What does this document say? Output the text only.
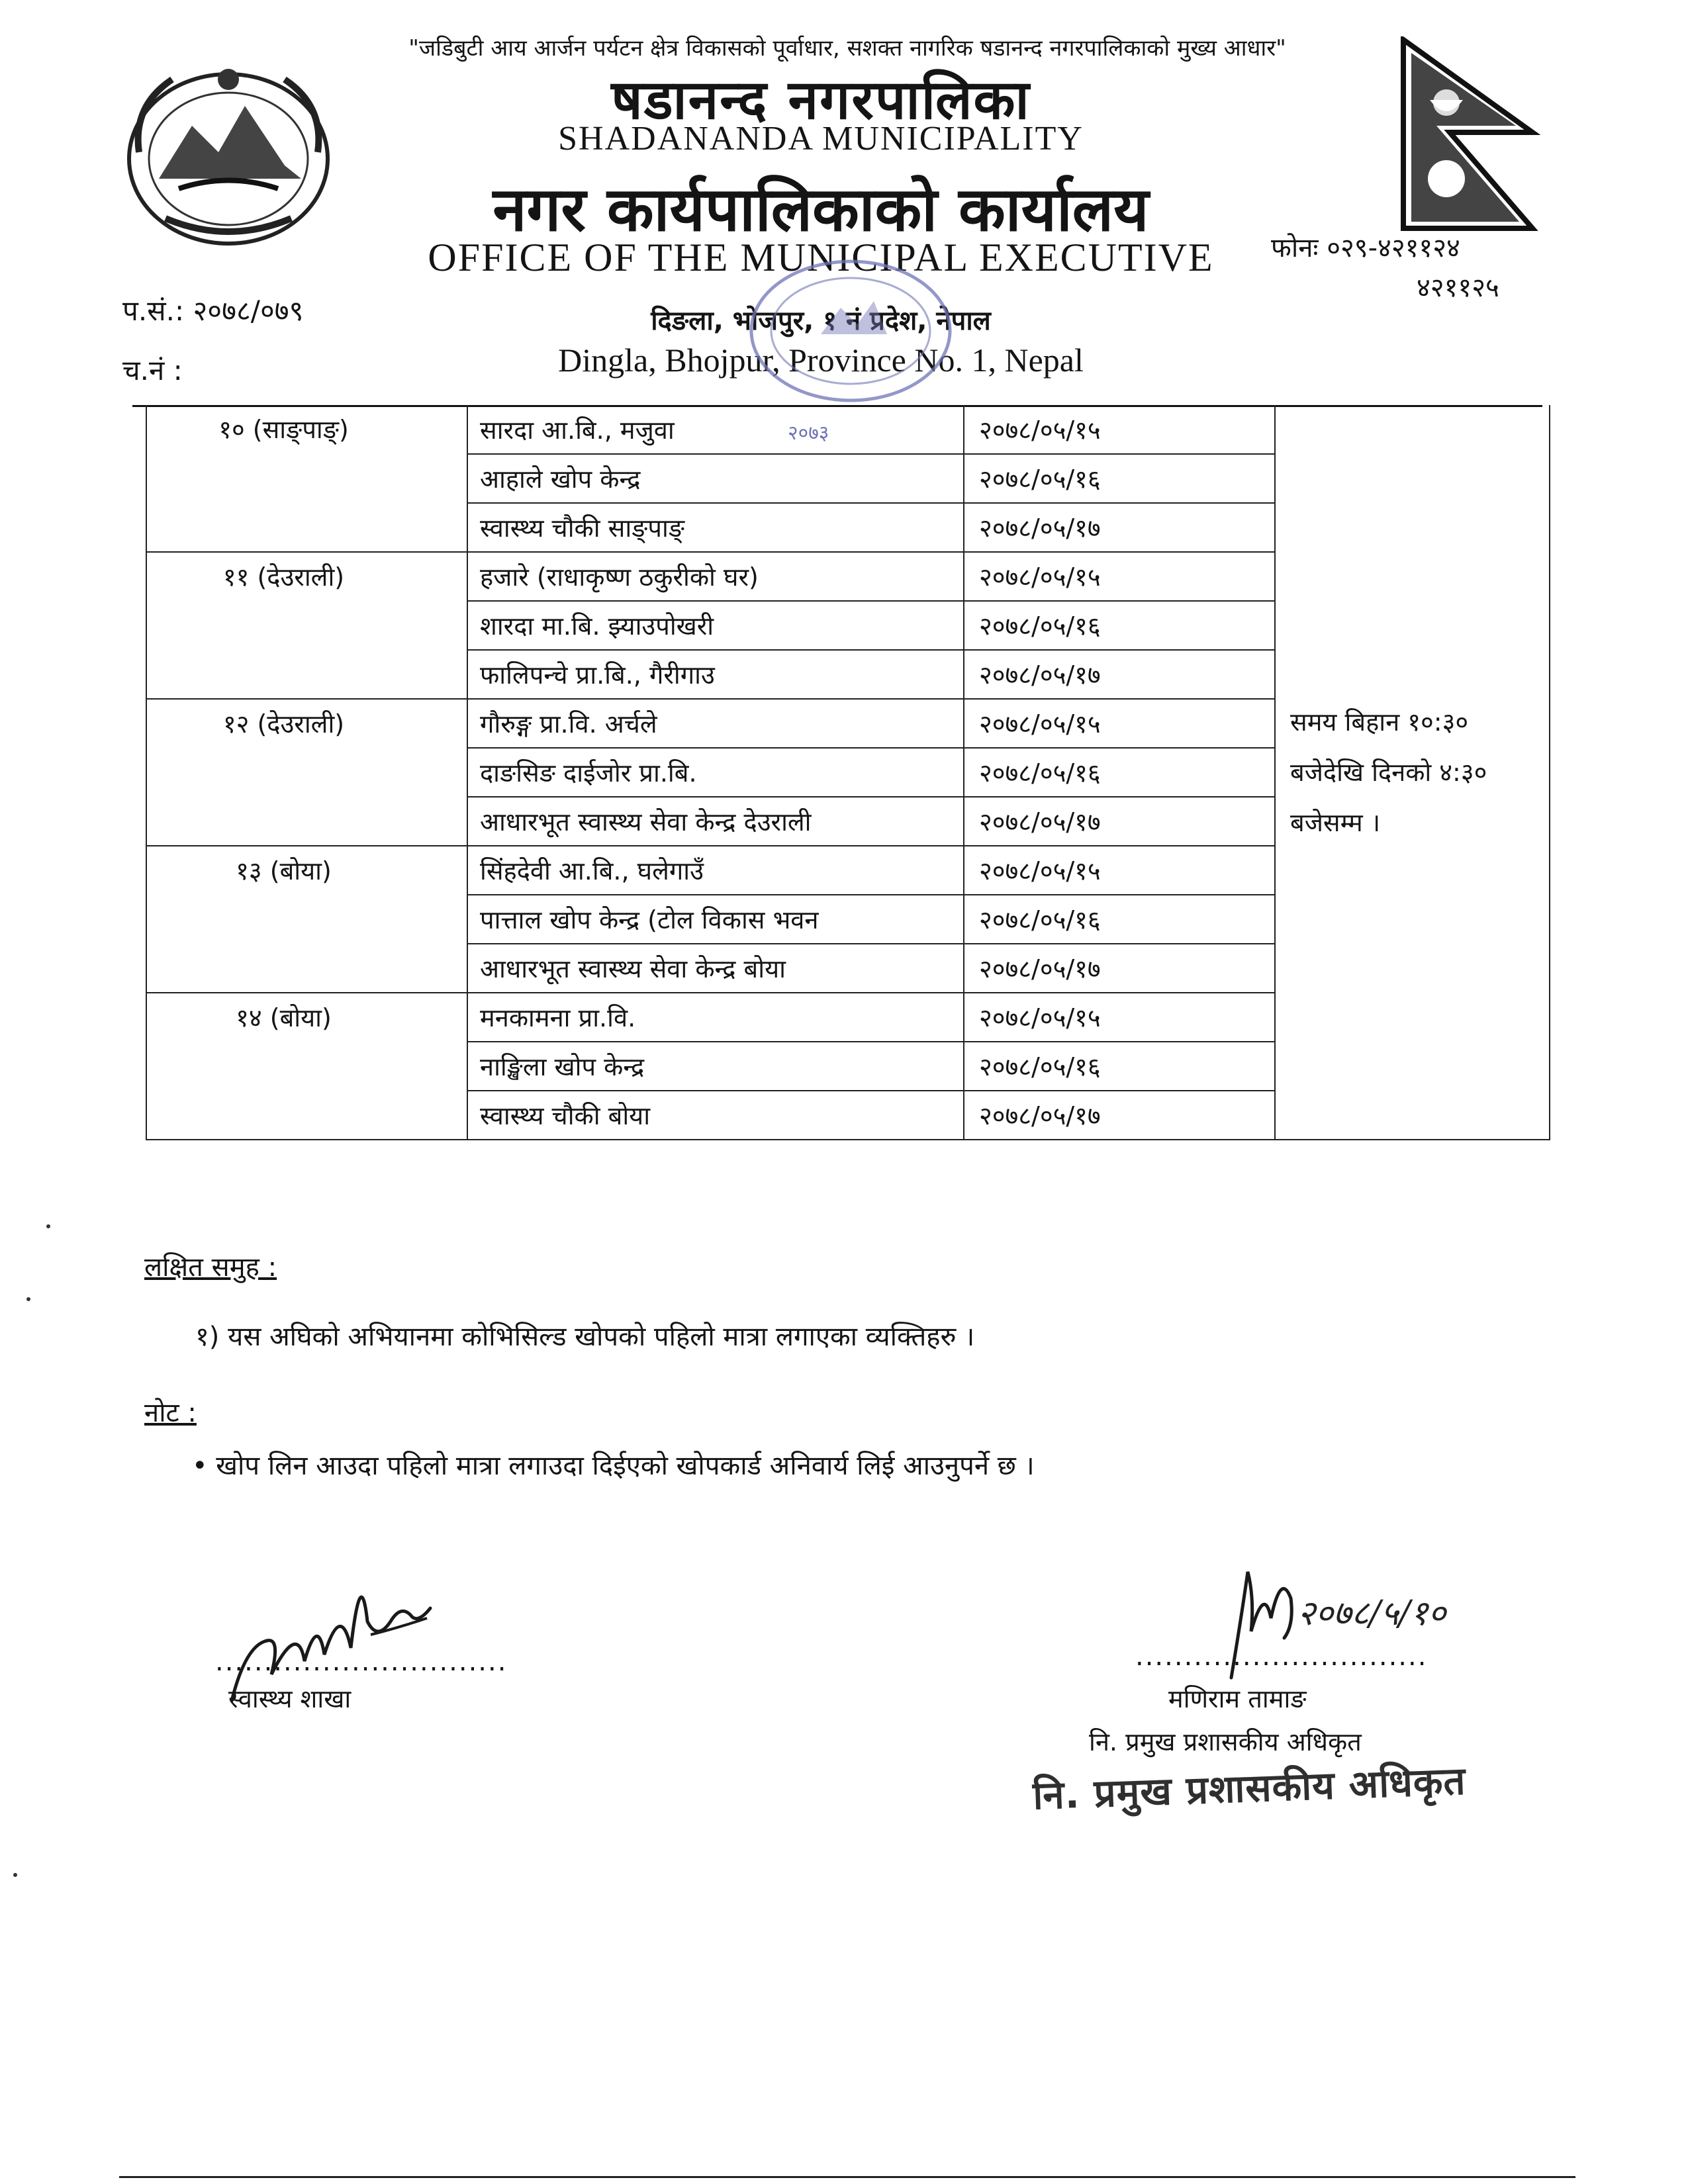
"जडिबुटी आय आर्जन पर्यटन क्षेत्र विकासको पूर्वाधार, सशक्त नागरिक षडानन्द नगरपालिकाको मुख्य आधार"
षडानन्द नगरपालिका
SHADANANDA MUNICIPALITY
नगर कार्यपालिकाको कार्यालय
OFFICE OF THE MUNICIPAL EXECUTIVE	फोनः ०२९-४२११२४
४२११२५
प.सं.: २०७८/०७९
च.नं :
दिङला, भोजपुर, १ नं प्रदेश, नेपाल
Dingla, Bhojpur, Province No. 1, Nepal
२०७३
१० (साङ्पाङ्)	सारदा आ.बि., मजुवा	२०७८/०५/१५	समय बिहान १०:३०
बजेदेखि दिनको ४:३०
बजेसम्म ।

	आहाले खोप केन्द्र	२०७८/०५/१६	
	स्वास्थ्य चौकी साङ्पाङ्	२०७८/०५/१७	
११ (देउराली)	हजारे (राधाकृष्ण ठकुरीको घर)	२०७८/०५/१५	
	शारदा मा.बि. झ्याउपोखरी	२०७८/०५/१६	
	फालिपन्चे प्रा.बि., गैरीगाउ	२०७८/०५/१७	
१२ (देउराली)	गौरुङ्ग प्रा.वि. अर्चले	२०७८/०५/१५	
	दाङसिङ दाईजोर प्रा.बि.	२०७८/०५/१६	
	आधारभूत स्वास्थ्य सेवा केन्द्र देउराली	२०७८/०५/१७	
१३ (बोया)	सिंहदेवी आ.बि., घलेगाउँ	२०७८/०५/१५	
	पात्ताल खोप केन्द्र (टोल विकास भवन	२०७८/०५/१६	
	आधारभूत स्वास्थ्य सेवा केन्द्र बोया	२०७८/०५/१७	
१४ (बोया)	मनकामना प्रा.वि.	२०७८/०५/१५	
	नाङ्खिला खोप केन्द्र	२०७८/०५/१६	
	स्वास्थ्य चौकी बोया	२०७८/०५/१७	
लक्षित समुह :
१) यस अघिको अभियानमा कोभिसिल्ड खोपको पहिलो मात्रा लगाएका व्यक्तिहरु ।
नोट :
• खोप लिन आउदा पहिलो मात्रा लगाउदा दिईएको खोपकार्ड अनिवार्य लिई आउनुपर्ने छ ।
..............................
स्वास्थ्य शाखा
२०७८/५/१०
..............................
मणिराम तामाङ
नि. प्रमुख प्रशासकीय अधिकृत
नि. प्रमुख प्रशासकीय अधिकृत
